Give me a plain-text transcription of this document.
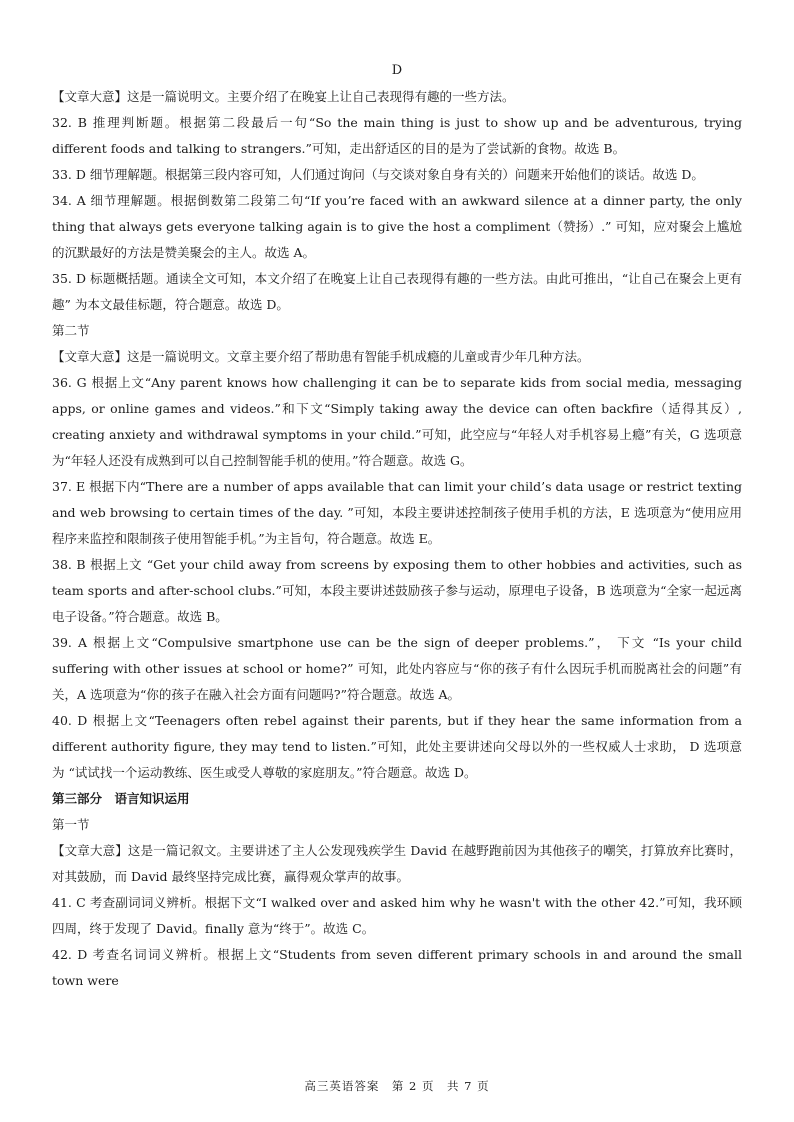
D

【文章大意】这是一篇说明文。主要介绍了在晚宴上让自己表现得有趣的一些方法。

32. B 推理判断题。根据第二段最后一句“So the main thing is just to show up and be adventurous, trying different foods and talking to strangers.”可知，走出舒适区的目的是为了尝试新的食物。故选 B。

33. D 细节理解题。根据第三段内容可知，人们通过询问（与交谈对象自身有关的）问题来开始他们的谈话。故选 D。

34. A 细节理解题。根据倒数第二段第二句“If you’re faced with an awkward silence at a dinner party, the only thing that always gets everyone talking again is to give the host a compliment（赞扬）.” 可知，应对聚会上尴尬的沉默最好的方法是赞美聚会的主人。故选 A。

35. D 标题概括题。通读全文可知，本文介绍了在晚宴上让自己表现得有趣的一些方法。由此可推出，“让自己在聚会上更有趣” 为本文最佳标题，符合题意。故选 D。

第二节

【文章大意】这是一篇说明文。文章主要介绍了帮助患有智能手机成瘾的儿童或青少年几种方法。

36. G 根据上文“Any parent knows how challenging it can be to separate kids from social media, messaging apps, or online games and videos.”和下文“Simply taking away the device can often backfire（适得其反）, creating anxiety and withdrawal symptoms in your child.”可知，此空应与“年轻人对手机容易上瘾”有关，G 选项意为“年轻人还没有成熟到可以自己控制智能手机的使用。”符合题意。故选 G。

37. E 根据下内“There are a number of apps available that can limit your child’s data usage or restrict texting and web browsing to certain times of the day. ”可知，本段主要讲述控制孩子使用手机的方法，E 选项意为“使用应用程序来监控和限制孩子使用智能手机。”为主旨句，符合题意。故选 E。

38. B 根据上文 “Get your child away from screens by exposing them to other hobbies and activities, such as team sports and after-school clubs.”可知，本段主要讲述鼓励孩子参与运动，原理电子设备，B 选项意为“全家一起远离电子设备。”符合题意。故选 B。

39. A 根据上文“Compulsive smartphone use can be the sign of deeper problems.”， 下文 “Is your child suffering with other issues at school or home?” 可知，此处内容应与“你的孩子有什么因玩手机而脱离社会的问题”有关，A 选项意为“你的孩子在融入社会方面有问题吗?”符合题意。故选 A。

40. D 根据上文“Teenagers often rebel against their parents, but if they hear the same information from a different authority figure, they may tend to listen.”可知，此处主要讲述向父母以外的一些权威人士求助， D 选项意为 “试试找一个运动教练、医生或受人尊敬的家庭朋友。”符合题意。故选 D。

第三部分　语言知识运用

第一节

【文章大意】这是一篇记叙文。主要讲述了主人公发现残疾学生 David 在越野跑前因为其他孩子的嘲笑，打算放弃比赛时，对其鼓励，而 David 最终坚持完成比赛，赢得观众掌声的故事。

41. C 考查副词词义辨析。根据下文“I walked over and asked him why he wasn't with the other 42.”可知，我环顾四周，终于发现了 David。finally 意为“终于”。故选 C。

42. D 考查名词词义辨析。根据上文“Students from seven different primary schools in and around the small town were

高三英语答案　第 2 页　共 7 页
